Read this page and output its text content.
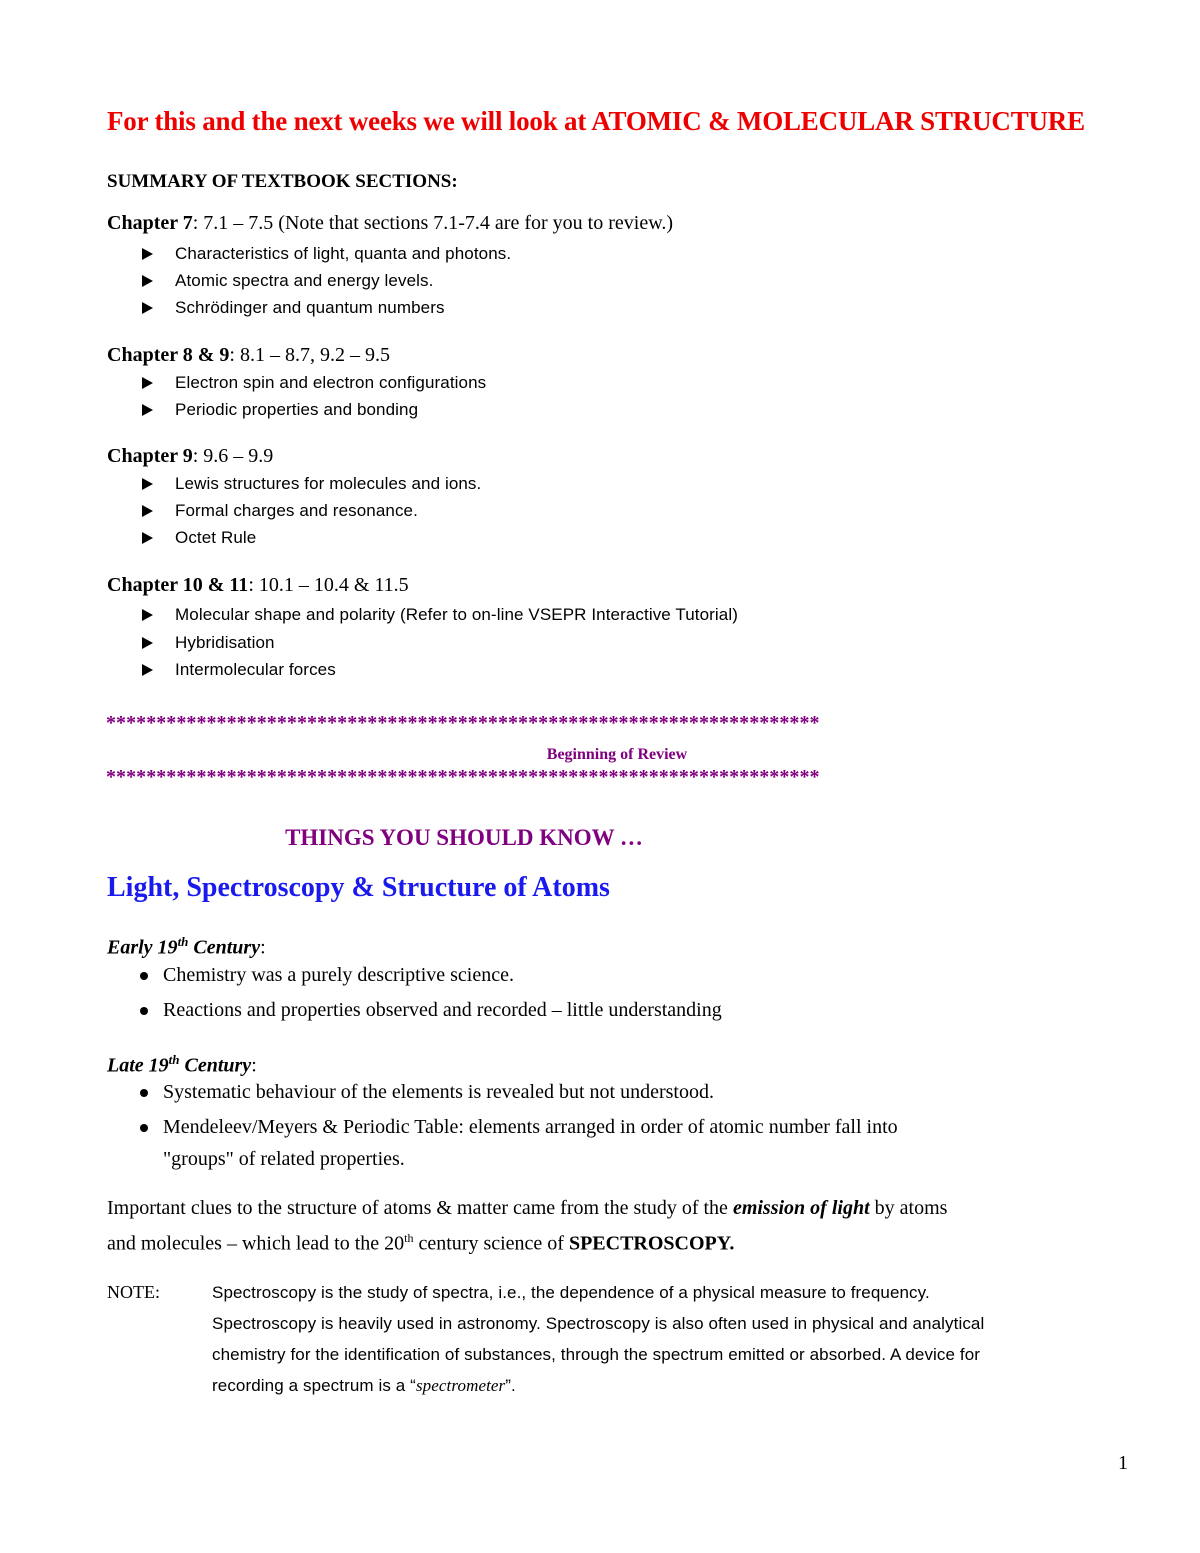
For this and the next weeks we will look at ATOMIC & MOLECULAR STRUCTURE
SUMMARY OF TEXTBOOK SECTIONS:
Chapter 7: 7.1 – 7.5 (Note that sections 7.1-7.4 are for you to review.)
Characteristics of light, quanta and photons.
Atomic spectra and energy levels.
Schrödinger and quantum numbers
Chapter 8 & 9: 8.1 – 8.7, 9.2 – 9.5
Electron spin and electron configurations
Periodic properties and bonding
Chapter 9: 9.6 – 9.9
Lewis structures for molecules and ions.
Formal charges and resonance.
Octet Rule
Chapter 10 & 11: 10.1 – 10.4 & 11.5
Molecular shape and polarity (Refer to on-line VSEPR Interactive Tutorial)
Hybridisation
Intermolecular forces
***********************************************************************
Beginning of Review
***********************************************************************
THINGS YOU SHOULD KNOW …
Light, Spectroscopy & Structure of Atoms
Early 19th Century:
Chemistry was a purely descriptive science.
Reactions and properties observed and recorded – little understanding
Late 19th Century:
Systematic behaviour of the elements is revealed but not understood.
Mendeleev/Meyers & Periodic Table: elements arranged in order of atomic number fall into
"groups" of related properties.
Important clues to the structure of atoms & matter came from the study of the emission of light by atoms
and molecules – which lead to the 20th century science of SPECTROSCOPY.
NOTE:	Spectroscopy is the study of spectra, i.e., the dependence of a physical measure to frequency.
Spectroscopy is heavily used in astronomy. Spectroscopy is also often used in physical and analytical
chemistry for the identification of substances, through the spectrum emitted or absorbed. A device for
recording a spectrum is a “spectrometer”.
1
